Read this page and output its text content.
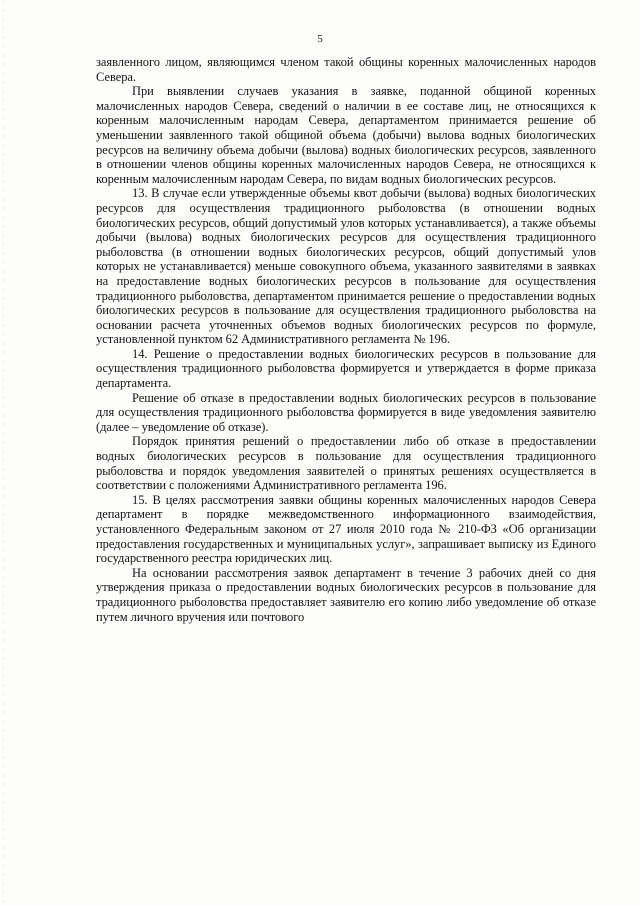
5

заявленного лицом, являющимся членом такой общины коренных малочисленных народов Севера.

При выявлении случаев указания в заявке, поданной общиной коренных малочисленных народов Севера, сведений о наличии в ее составе лиц, не относящихся к коренным малочисленным народам Севера, департаментом принимается решение об уменьшении заявленного такой общиной объема (добычи) вылова водных биологических ресурсов на величину объема добычи (вылова) водных биологических ресурсов, заявленного в отношении членов общины коренных малочисленных народов Севера, не относящихся к коренным малочисленным народам Севера, по видам водных биологических ресурсов.

13. В случае если утвержденные объемы квот добычи (вылова) водных биологических ресурсов для осуществления традиционного рыболовства (в отношении водных биологических ресурсов, общий допустимый улов которых устанавливается), а также объемы добычи (вылова) водных биологических ресурсов для осуществления традиционного рыболовства (в отношении водных биологических ресурсов, общий допустимый улов которых не устанавливается) меньше совокупного объема, указанного заявителями в заявках на предоставление водных биологических ресурсов в пользование для осуществления традиционного рыболовства, департаментом принимается решение о предоставлении водных биологических ресурсов в пользование для осуществления традиционного рыболовства на основании расчета уточненных объемов водных биологических ресурсов по формуле, установленной пунктом 62 Административного регламента № 196.

14. Решение о предоставлении водных биологических ресурсов в пользование для осуществления традиционного рыболовства формируется и утверждается в форме приказа департамента.

Решение об отказе в предоставлении водных биологических ресурсов в пользование для осуществления традиционного рыболовства формируется в виде уведомления заявителю (далее – уведомление об отказе).

Порядок принятия решений о предоставлении либо об отказе в предоставлении водных биологических ресурсов в пользование для осуществления традиционного рыболовства и порядок уведомления заявителей о принятых решениях осуществляется в соответствии с положениями Административного регламента 196.

15. В целях рассмотрения заявки общины коренных малочисленных народов Севера департамент в порядке межведомственного информационного взаимодействия, установленного Федеральным законом от 27 июля 2010 года № 210-ФЗ «Об организации предоставления государственных и муниципальных услуг», запрашивает выписку из Единого государственного реестра юридических лиц.

На основании рассмотрения заявок департамент в течение 3 рабочих дней со дня утверждения приказа о предоставлении водных биологических ресурсов в пользование для традиционного рыболовства предоставляет заявителю его копию либо уведомление об отказе путем личного вручения или почтового
